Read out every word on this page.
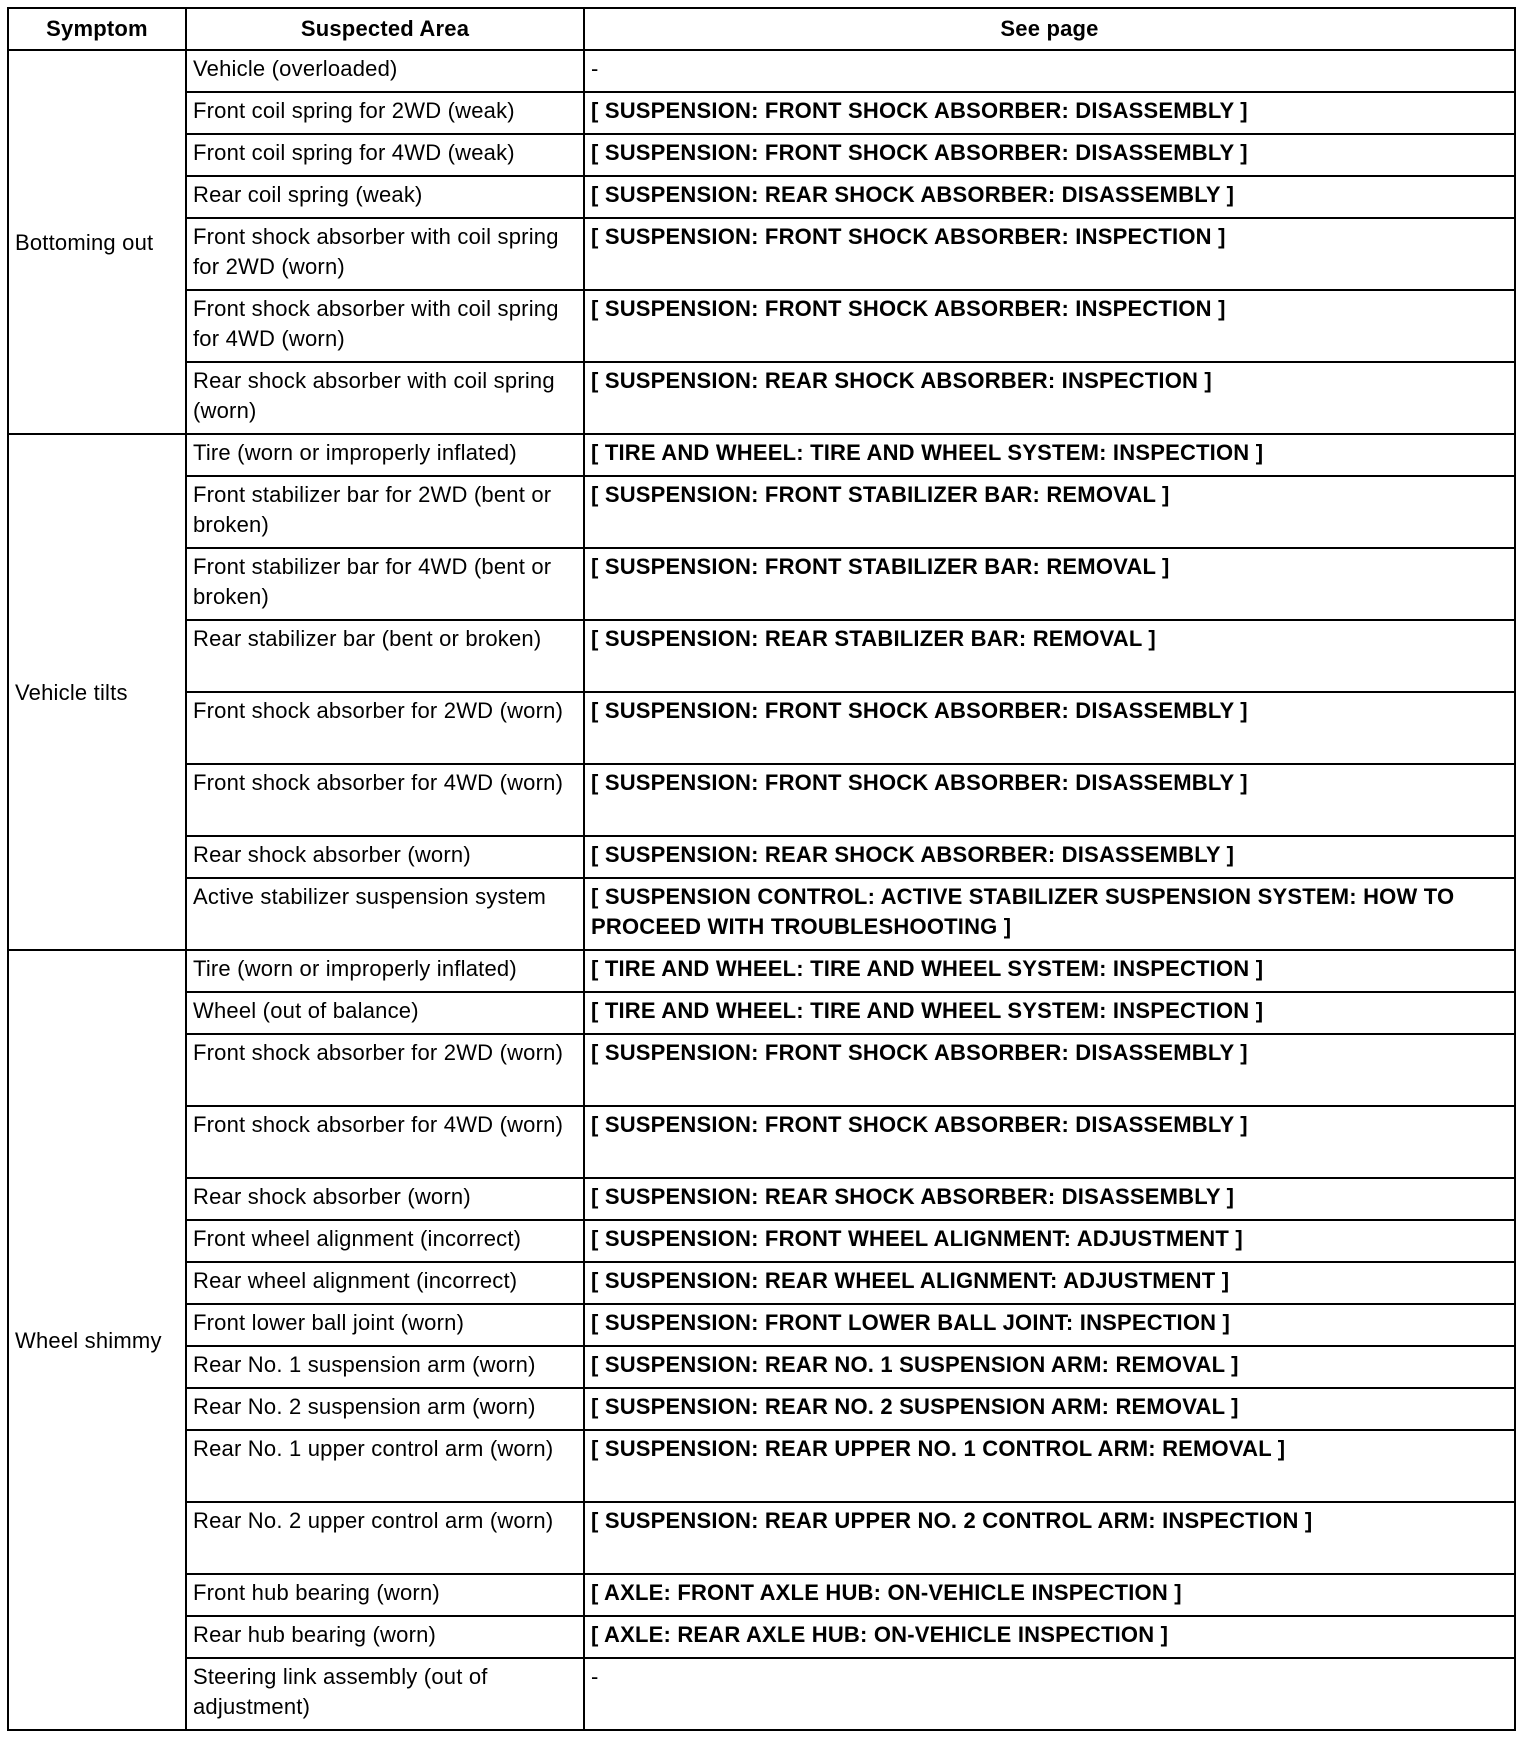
Symptom	Suspected Area	See page
Bottoming out	Vehicle (overloaded)	-
	Front coil spring for 2WD (weak)	[ SUSPENSION: FRONT SHOCK ABSORBER: DISASSEMBLY ]
	Front coil spring for 4WD (weak)	[ SUSPENSION: FRONT SHOCK ABSORBER: DISASSEMBLY ]
	Rear coil spring (weak)	[ SUSPENSION: REAR SHOCK ABSORBER: DISASSEMBLY ]
	Front shock absorber with coil spring for 2WD (worn)	[ SUSPENSION: FRONT SHOCK ABSORBER: INSPECTION ]
	Front shock absorber with coil spring for 4WD (worn)	[ SUSPENSION: FRONT SHOCK ABSORBER: INSPECTION ]
	Rear shock absorber with coil spring (worn)	[ SUSPENSION: REAR SHOCK ABSORBER: INSPECTION ]
Vehicle tilts	Tire (worn or improperly inflated)	[ TIRE AND WHEEL: TIRE AND WHEEL SYSTEM: INSPECTION ]
	Front stabilizer bar for 2WD (bent or broken)	[ SUSPENSION: FRONT STABILIZER BAR: REMOVAL ]
	Front stabilizer bar for 4WD (bent or broken)	[ SUSPENSION: FRONT STABILIZER BAR: REMOVAL ]
	Rear stabilizer bar (bent or broken)	[ SUSPENSION: REAR STABILIZER BAR: REMOVAL ]
	Front shock absorber for 2WD (worn)	[ SUSPENSION: FRONT SHOCK ABSORBER: DISASSEMBLY ]
	Front shock absorber for 4WD (worn)	[ SUSPENSION: FRONT SHOCK ABSORBER: DISASSEMBLY ]
	Rear shock absorber (worn)	[ SUSPENSION: REAR SHOCK ABSORBER: DISASSEMBLY ]
	Active stabilizer suspension system	[ SUSPENSION CONTROL: ACTIVE STABILIZER SUSPENSION SYSTEM: HOW TO PROCEED WITH TROUBLESHOOTING ]
Wheel shimmy	Tire (worn or improperly inflated)	[ TIRE AND WHEEL: TIRE AND WHEEL SYSTEM: INSPECTION ]
	Wheel (out of balance)	[ TIRE AND WHEEL: TIRE AND WHEEL SYSTEM: INSPECTION ]
	Front shock absorber for 2WD (worn)	[ SUSPENSION: FRONT SHOCK ABSORBER: DISASSEMBLY ]
	Front shock absorber for 4WD (worn)	[ SUSPENSION: FRONT SHOCK ABSORBER: DISASSEMBLY ]
	Rear shock absorber (worn)	[ SUSPENSION: REAR SHOCK ABSORBER: DISASSEMBLY ]
	Front wheel alignment (incorrect)	[ SUSPENSION: FRONT WHEEL ALIGNMENT: ADJUSTMENT ]
	Rear wheel alignment (incorrect)	[ SUSPENSION: REAR WHEEL ALIGNMENT: ADJUSTMENT ]
	Front lower ball joint (worn)	[ SUSPENSION: FRONT LOWER BALL JOINT: INSPECTION ]
	Rear No. 1 suspension arm (worn)	[ SUSPENSION: REAR NO. 1 SUSPENSION ARM: REMOVAL ]
	Rear No. 2 suspension arm (worn)	[ SUSPENSION: REAR NO. 2 SUSPENSION ARM: REMOVAL ]
	Rear No. 1 upper control arm (worn)	[ SUSPENSION: REAR UPPER NO. 1 CONTROL ARM: REMOVAL ]
	Rear No. 2 upper control arm (worn)	[ SUSPENSION: REAR UPPER NO. 2 CONTROL ARM: INSPECTION ]
	Front hub bearing (worn)	[ AXLE: FRONT AXLE HUB: ON-VEHICLE INSPECTION ]
	Rear hub bearing (worn)	[ AXLE: REAR AXLE HUB: ON-VEHICLE INSPECTION ]
	Steering link assembly (out of adjustment)	-
